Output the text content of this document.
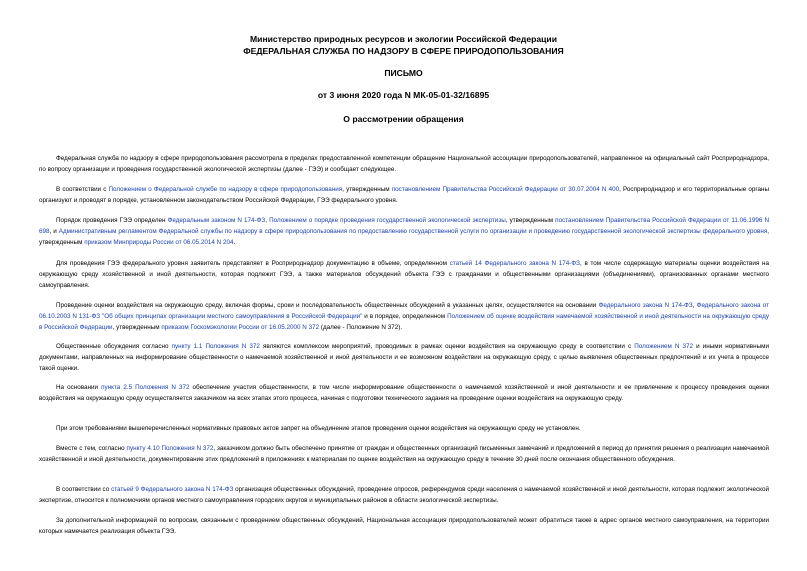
Министерство природных ресурсов и экологии Российской Федерации
ФЕДЕРАЛЬНАЯ СЛУЖБА ПО НАДЗОРУ В СФЕРЕ ПРИРОДОПОЛЬЗОВАНИЯ
ПИСЬМО
от 3 июня 2020 года N МК-05-01-32/16895
О рассмотрении обращения

Федеральная служба по надзору в сфере природопользования рассмотрела в пределах предоставленной компетенции обращение Национальной ассоциации природопользователей, направленное на официальный сайт Росприроднадзора, по вопросу организации и проведения государственной экологической экспертизы (далее - ГЭЭ) и сообщает следующее.

В соответствии с Положением о Федеральной службе по надзору в сфере природопользования, утвержденным постановлением Правительства Российской Федерации от 30.07.2004 N 400, Росприроднадзор и его территориальные органы организуют и проводят в порядке, установленном законодательством Российской Федерации, ГЭЭ федерального уровня.

Порядок проведения ГЭЭ определен Федеральным законом N 174-ФЗ, Положением о порядке проведения государственной экологической экспертизы, утвержденным постановлением Правительства Российской Федерации от 11.06.1996 N 698, и Административным регламентом Федеральной службы по надзору в сфере природопользования по предоставлению государственной услуги по организации и проведению государственной экологической экспертизы федерального уровня, утвержденным приказом Минприроды России от 06.05.2014 N 204.

Для проведения ГЭЭ федерального уровня заявитель представляет в Росприроднадзор документацию в объеме, определенном статьей 14 Федерального закона N 174-ФЗ, в том числе содержащую материалы оценки воздействия на окружающую среду хозяйственной и иной деятельности, которая подлежит ГЭЭ, а также материалов обсуждений объекта ГЭЭ с гражданами и общественными организациями (объединениями), организованных органами местного самоуправления.

Проведение оценки воздействия на окружающую среду, включая формы, сроки и последовательность общественных обсуждений в указанных целях, осуществляется на основании Федерального закона N 174-ФЗ, Федерального закона от 06.10.2003 N 131-ФЗ "Об общих принципах организации местного самоуправления в Российской Федерации" и в порядке, определенном Положением об оценке воздействия намечаемой хозяйственной и иной деятельности на окружающую среду в Российской Федерации, утвержденным приказом Госкомэкологии России от 16.05.2000 N 372 (далее - Положение N 372).

Общественные обсуждения согласно пункту 1.1 Положения N 372 являются комплексом мероприятий, проводимых в рамках оценки воздействия на окружающую среду в соответствии с Положением N 372 и иными нормативными документами, направленных на информирование общественности о намечаемой хозяйственной и иной деятельности и ее возможном воздействии на окружающую среду, с целью выявления общественных предпочтений и их учета в процессе такой оценки.

На основании пункта 2.5 Положения N 372 обеспечение участия общественности, в том числе информирование общественности о намечаемой хозяйственной и иной деятельности и ее привлечение к процессу проведения оценки воздействия на окружающую среду осуществляется заказчиком на всех этапах этого процесса, начиная с подготовки технического задания на проведение оценки воздействия на окружающую среду.

При этом требованиями вышеперечисленных нормативных правовых актов запрет на объединение этапов проведения оценки воздействия на окружающую среду не установлен.

Вместе с тем, согласно пункту 4.10 Положения N 372, заказчиком должно быть обеспечено принятие от граждан и общественных организаций письменных замечаний и предложений в период до принятия решения о реализации намечаемой хозяйственной и иной деятельности, документирование этих предложений в приложениях к материалам по оценке воздействия на окружающую среду в течение 30 дней после окончания общественного обсуждения.

В соответствии со статьей 9 Федерального закона N 174-ФЗ организация общественных обсуждений, проведение опросов, референдумов среди населения о намечаемой хозяйственной и иной деятельности, которая подлежит экологической экспертизе, относится к полномочиям органов местного самоуправления городских округов и муниципальных районов в области экологической экспертизы.

За дополнительной информацией по вопросам, связанным с проведением общественных обсуждений, Национальная ассоциация природопользователей может обратиться также в адрес органов местного самоуправления, на территории которых намечается реализация объекта ГЭЭ.
